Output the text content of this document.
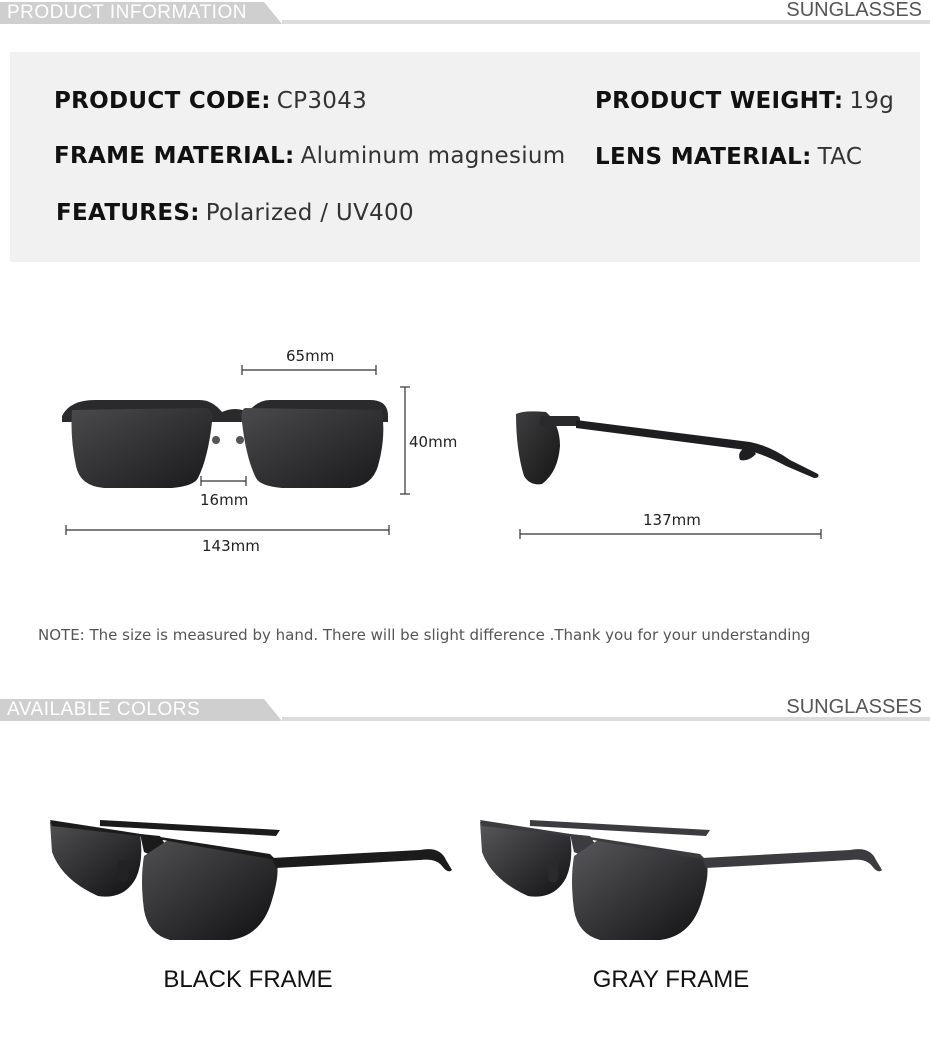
PRODUCT INFORMATION	SUNGLASSES
PRODUCT CODE: CP3043	PRODUCT WEIGHT: 19g
FRAME MATERIAL: Aluminum magnesium LENS MATERIAL: TAC
FEATURES: Polarized / UV400
65mm
40mm
16mm
143mm
137mm
NOTE: The size is measured by hand. There will be slight difference .Thank you for your understanding
AVAILABLE COLORS	SUNGLASSES
BLACK FRAME	GRAY FRAME
